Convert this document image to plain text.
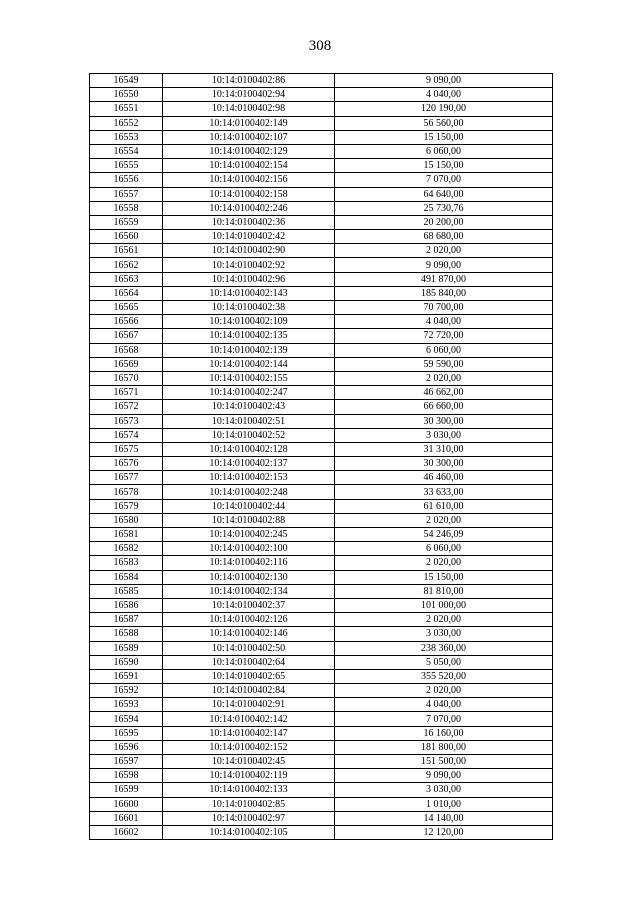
308
16549	10:14:0100402:86	9 090,00
16550	10:14:0100402:94	4 040,00
16551	10:14:0100402:98	120 190,00
16552	10:14:0100402:149	56 560,00
16553	10:14:0100402:107	15 150,00
16554	10:14:0100402:129	6 060,00
16555	10:14:0100402:154	15 150,00
16556	10:14:0100402:156	7 070,00
16557	10:14:0100402:158	64 640,00
16558	10:14:0100402:246	25 730,76
16559	10:14:0100402:36	20 200,00
16560	10:14:0100402:42	68 680,00
16561	10:14:0100402:90	2 020,00
16562	10:14:0100402:92	9 090,00
16563	10:14:0100402:96	491 870,00
16564	10:14:0100402:143	185 840,00
16565	10:14:0100402:38	70 700,00
16566	10:14:0100402:109	4 040,00
16567	10:14:0100402:135	72 720,00
16568	10:14:0100402:139	6 060,00
16569	10:14:0100402:144	59 590,00
16570	10:14:0100402:155	2 020,00
16571	10:14:0100402:247	46 662,00
16572	10:14:0100402:43	66 660,00
16573	10:14:0100402:51	30 300,00
16574	10:14:0100402:52	3 030,00
16575	10:14:0100402:128	31 310,00
16576	10:14:0100402:137	30 300,00
16577	10:14:0100402:153	46 460,00
16578	10:14:0100402:248	33 633,00
16579	10:14:0100402:44	61 610,00
16580	10:14:0100402:88	2 020,00
16581	10:14:0100402:245	54 246,09
16582	10:14:0100402:100	6 060,00
16583	10:14:0100402:116	2 020,00
16584	10:14:0100402:130	15 150,00
16585	10:14:0100402:134	81 810,00
16586	10:14:0100402:37	101 000,00
16587	10:14:0100402:126	2 020,00
16588	10:14:0100402:146	3 030,00
16589	10:14:0100402:50	238 360,00
16590	10:14:0100402:64	5 050,00
16591	10:14:0100402:65	355 520,00
16592	10:14:0100402:84	2 020,00
16593	10:14:0100402:91	4 040,00
16594	10:14:0100402:142	7 070,00
16595	10:14:0100402:147	16 160,00
16596	10:14:0100402:152	181 800,00
16597	10:14:0100402:45	151 500,00
16598	10:14:0100402:119	9 090,00
16599	10:14:0100402:133	3 030,00
16600	10:14:0100402:85	1 010,00
16601	10:14:0100402:97	14 140,00
16602	10:14:0100402:105	12 120,00
